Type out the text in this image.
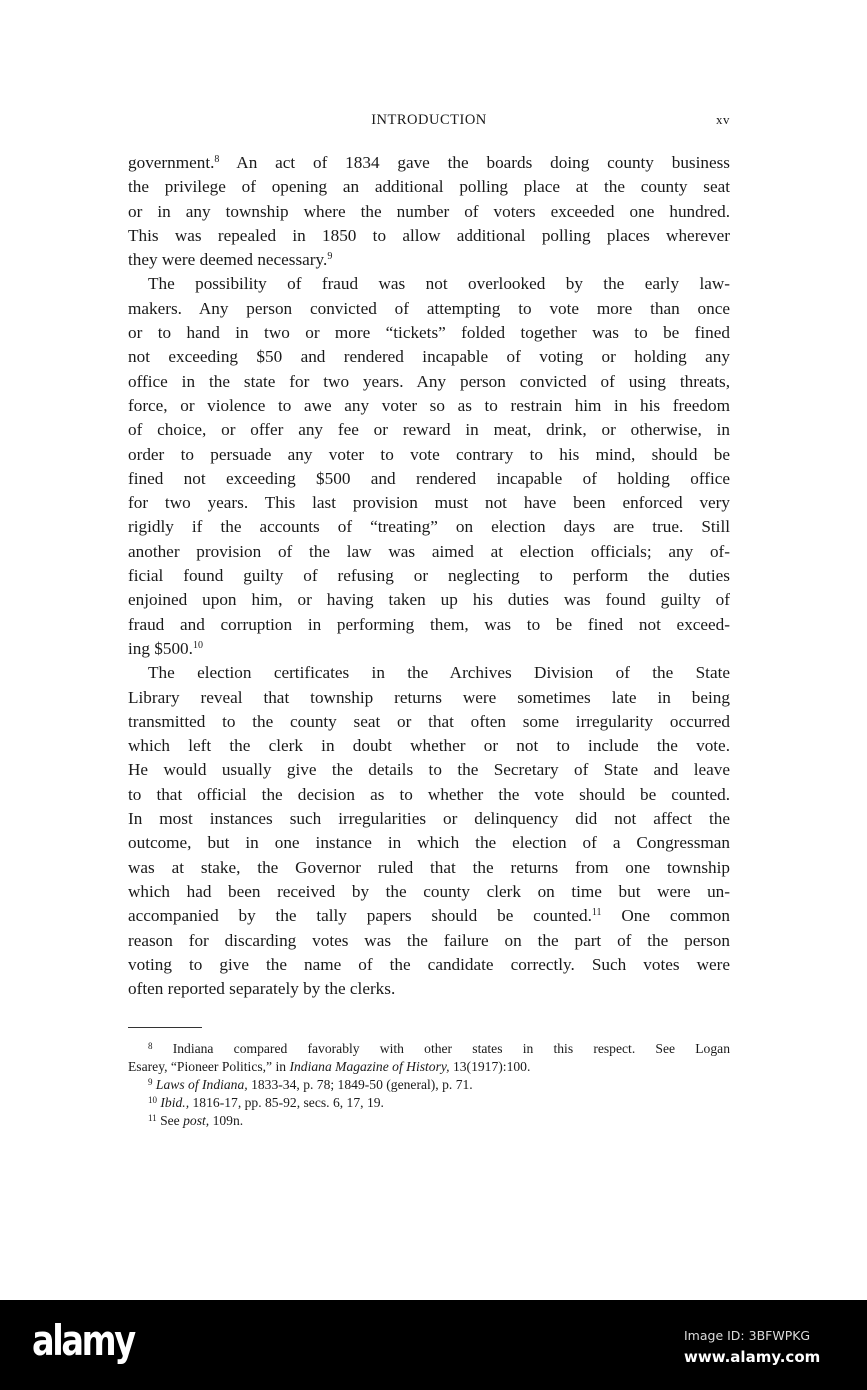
INTRODUCTION	xv
government.$^8$ An act of 1834 gave the boards doing county business
the privilege of opening an additional polling place at the county seat
or in any township where the number of voters exceeded one hundred.
This was repealed in 1850 to allow additional polling places wherever
they were deemed necessary.$^9$
The possibility of fraud was not overlooked by the early law-
makers. Any person convicted of attempting to vote more than once
or to hand in two or more “tickets” folded together was to be fined
not exceeding $50 and rendered incapable of voting or holding any
office in the state for two years. Any person convicted of using threats,
force, or violence to awe any voter so as to restrain him in his freedom
of choice, or offer any fee or reward in meat, drink, or otherwise, in
order to persuade any voter to vote contrary to his mind, should be
fined not exceeding $500 and rendered incapable of holding office
for two years. This last provision must not have been enforced very
rigidly if the accounts of “treating” on election days are true. Still
another provision of the law was aimed at election officials; any of-
ficial found guilty of refusing or neglecting to perform the duties
enjoined upon him, or having taken up his duties was found guilty of
fraud and corruption in performing them, was to be fined not exceed-
ing $500.10
The election certificates in the Archives Division of the State
Library reveal that township returns were sometimes late in being
transmitted to the county seat or that often some irregularity occurred
which left the clerk in doubt whether or not to include the vote.
He would usually give the details to the Secretary of State and leave
to that official the decision as to whether the vote should be counted.
In most instances such irregularities or delinquency did not affect the
outcome, but in one instance in which the election of a Congressman
was at stake, the Governor ruled that the returns from one township
which had been received by the county clerk on time but were un-
accompanied by the tally papers should be counted.$^{11}$ One common
reason for discarding votes was the failure on the part of the person
voting to give the name of the candidate correctly. Such votes were
often reported separately by the clerks.
$^8$ Indiana compared favorably with other states in this respect. See Logan
Esarey, “Pioneer Politics,” in Indiana Magazine of History, 13(1917):100.
$^9$ Laws of Indiana, 1833-34, p. 78; 1849-50 (general), p. 71.
$^{10}$ Ibid., 1816-17, pp. 85-92, secs. 6, 17, 19.
$^{11}$ See post, 109n.
alamy	Image ID: 3BFWPKG
www.alamy.com
